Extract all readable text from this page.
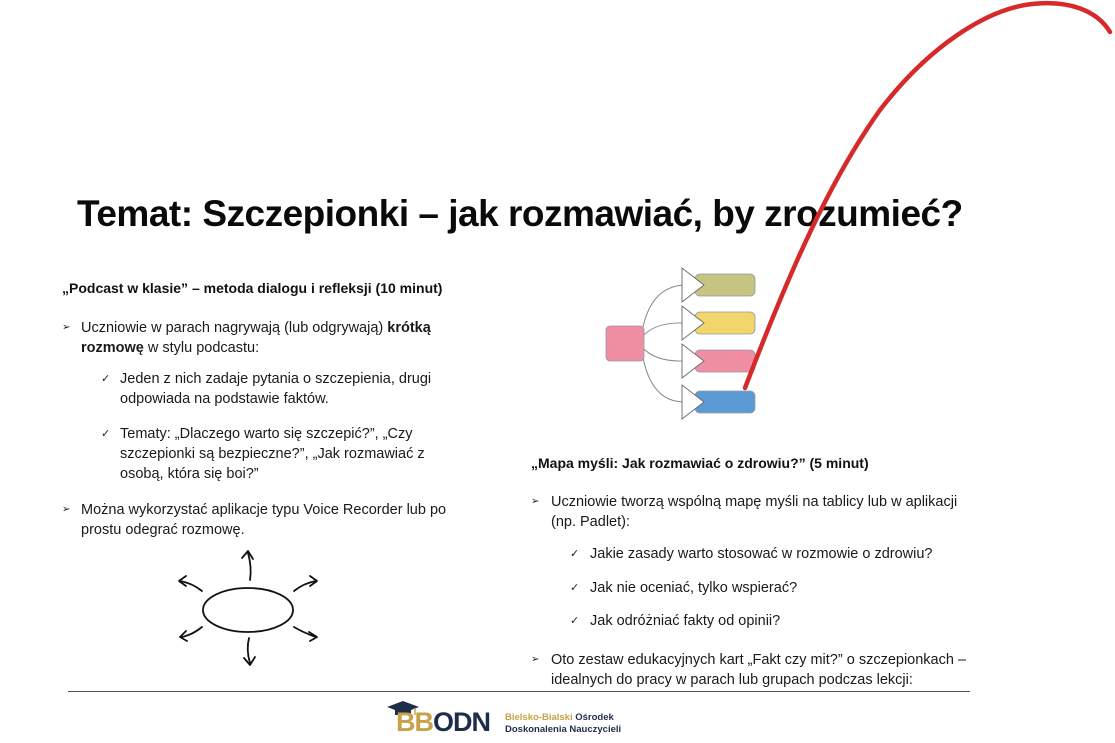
Temat: Szczepionki – jak rozmawiać, by zrozumieć?
„Podcast w klasie” – metoda dialogu i refleksji (10 minut)
➢ Uczniowie w parach nagrywają (lub odgrywają) krótką
rozmowę w stylu podcastu:
✓ Jeden z nich zadaje pytania o szczepienia, drugi
odpowiada na podstawie faktów.
✓ Tematy: „Dlaczego warto się szczepić?”, „Czy
szczepionki są bezpieczne?”, „Jak rozmawiać z
osobą, która się boi?”
➢ Można wykorzystać aplikacje typu Voice Recorder lub po
prostu odegrać rozmowę.
„Mapa myśli: Jak rozmawiać o zdrowiu?” (5 minut)
➢ Uczniowie tworzą wspólną mapę myśli na tablicy lub w aplikacji
(np. Padlet):
✓ Jakie zasady warto stosować w rozmowie o zdrowiu?
✓ Jak nie oceniać, tylko wspierać?
✓ Jak odróżniać fakty od opinii?
➢ Oto zestaw edukacyjnych kart „Fakt czy mit?” o szczepionkach –
idealnych do pracy w parach lub grupach podczas lekcji:
BBODN Bielsko-Bialski Ośrodek
Doskonalenia Nauczycieli
